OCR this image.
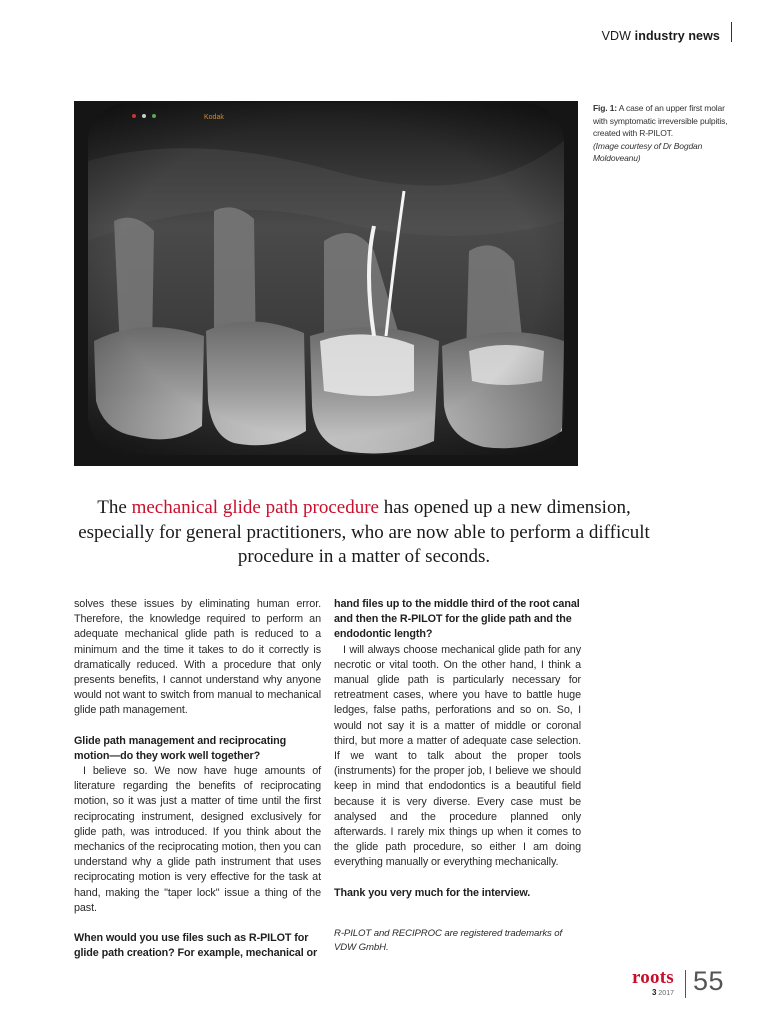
VDW industry news
Kodak
Fig. 1: A case of an upper first molar with symptomatic irreversible pulpitis, created with R-PILOT.
(Image courtesy of Dr Bogdan Moldoveanu)
The mechanical glide path procedure has opened up a new dimension, especially for general practitioners, who are now able to perform a difficult procedure in a matter of seconds.

solves these issues by eliminating human error. Therefore, the knowledge required to perform an adequate mechanical glide path is reduced to a minimum and the time it takes to do it correctly is dramatically reduced. With a procedure that only presents benefits, I cannot understand why anyone would not want to switch from manual to mechanical glide path management.

Glide path management and reciprocating motion—do they work well together?

I believe so. We now have huge amounts of literature regarding the benefits of reciprocating motion, so it was just a matter of time until the first reciprocating instrument, designed exclusively for glide path, was introduced. If you think about the mechanics of the reciprocating motion, then you can understand why a glide path instrument that uses reciprocating motion is very effective for the task at hand, making the "taper lock" issue a thing of the past.

When would you use files such as R-PILOT for glide path creation? For example, mechanical or
hand files up to the middle third of the root canal and then the R-PILOT for the glide path and the endodontic length?

I will always choose mechanical glide path for any necrotic or vital tooth. On the other hand, I think a manual glide path is particularly necessary for retreatment cases, where you have to battle huge ledges, false paths, perforations and so on. So, I would not say it is a matter of middle or coronal third, but more a matter of adequate case selection. If we want to talk about the proper tools (instruments) for the proper job, I believe we should keep in mind that endodontics is a beautiful field because it is very diverse. Every case must be analysed and the procedure planned only afterwards. I rarely mix things up when it comes to the glide path procedure, so either I am doing everything manually or everything mechanically.

Thank you very much for the interview.

R-PILOT and RECIPROC are registered trademarks of VDW GmbH.

roots
3 2017 55
